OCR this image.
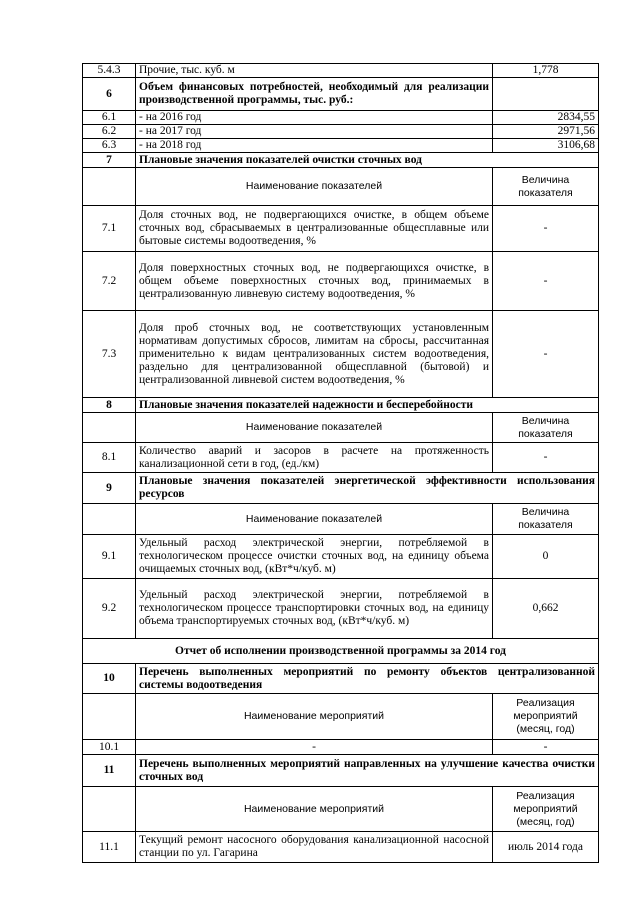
5.4.3	Прочие, тыс. куб. м	1,778
6	Объем финансовых потребностей, необходимый для реализации производственной программы, тыс. руб.:	
6.1	- на 2016 год	2834,55
6.2	- на 2017 год	2971,56
6.3	- на 2018 год	3106,68
7	Плановые значения показателей очистки сточных вод	
	Наименование показателей	Величина показателя
7.1	Доля сточных вод, не подвергающихся очистке, в общем объеме сточных вод, сбрасываемых в централизованные общесплавные или бытовые системы водоотведения, %	-
7.2	Доля поверхностных сточных вод, не подвергающихся очистке, в общем объеме поверхностных сточных вод, принимаемых в централизованную ливневую систему водоотведения, %	-
7.3	Доля проб сточных вод, не соответствующих установленным нормативам допустимых сбросов, лимитам на сбросы, рассчитанная применительно к видам централизованных систем водоотведения, раздельно для централизованной общесплавной (бытовой) и централизованной ливневой систем водоотведения, %	-
8	Плановые значения показателей надежности и бесперебойности	
	Наименование показателей	Величина показателя
8.1	Количество аварий и засоров в расчете на протяженность канализационной сети в год, (ед./км)	-
9	Плановые значения показателей энергетической эффективности использования ресурсов	
	Наименование показателей	Величина показателя
9.1	Удельный расход электрической энергии, потребляемой в технологическом процессе очистки сточных вод, на единицу объема очищаемых сточных вод, (кВт*ч/куб. м)	0
9.2	Удельный расход электрической энергии, потребляемой в технологическом процессе транспортировки сточных вод, на единицу объема транспортируемых сточных вод, (кВт*ч/куб. м)	0,662
Отчет об исполнении производственной программы за 2014 год		
10	Перечень выполненных мероприятий по ремонту объектов централизованной системы водоотведения	
	Наименование мероприятий	Реализация мероприятий (месяц, год)
10.1	-	-
11	Перечень выполненных мероприятий направленных на улучшение качества очистки сточных вод	
	Наименование мероприятий	Реализация мероприятий (месяц, год)
11.1	Текущий ремонт насосного оборудования канализационной насосной станции по ул. Гагарина	июль 2014 года
